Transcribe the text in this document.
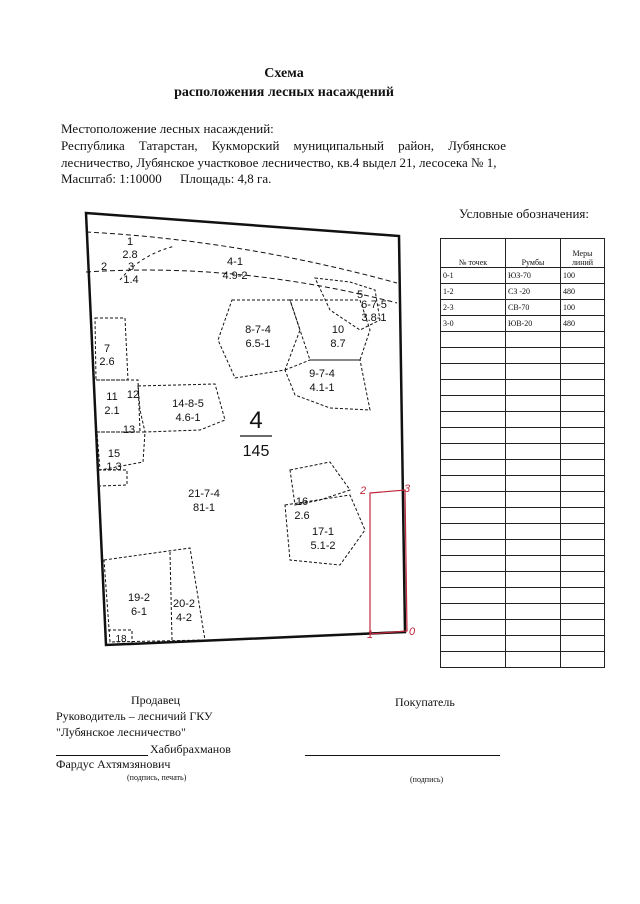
Схема
расположения лесных насаждений
Местоположение лесных насаждений:
Республика Татарстан, Кукморский муниципальный район, Лубянское лесничество, Лубянское участковое лесничество, кв.4 выдел 21, лесосека № 1,
Масштаб: 1:10000 Площадь: 4,8 га.
Условные обозначения:
№ точек	Румбы	Меры линий
0-1	ЮЗ-70	100
1-2	СЗ -20	480
2-3	СВ-70	100
3-0	ЮВ-20	480

1
2.8
2 3
1.4
4-1
4.9-2
5
6-7-5
3.8-1
8-7-4
6.5-1
10
8.7
7
2.6
9-7-4
4.1-1
11
2.1
12
14-8-5
4.6-1
13
15
1.3
21-7-4
81-1	16
2.6
17-1
5.1-2
19-2
6-1
20-2
4-2
18
4
145
2	3
1	0
Продавец	Покупатель
Руководитель – лесничий ГКУ
"Лубянское лесничество"
Хабибрахманов
Фардус Ахтямзянович
(подпись, печать)	(подпись)
